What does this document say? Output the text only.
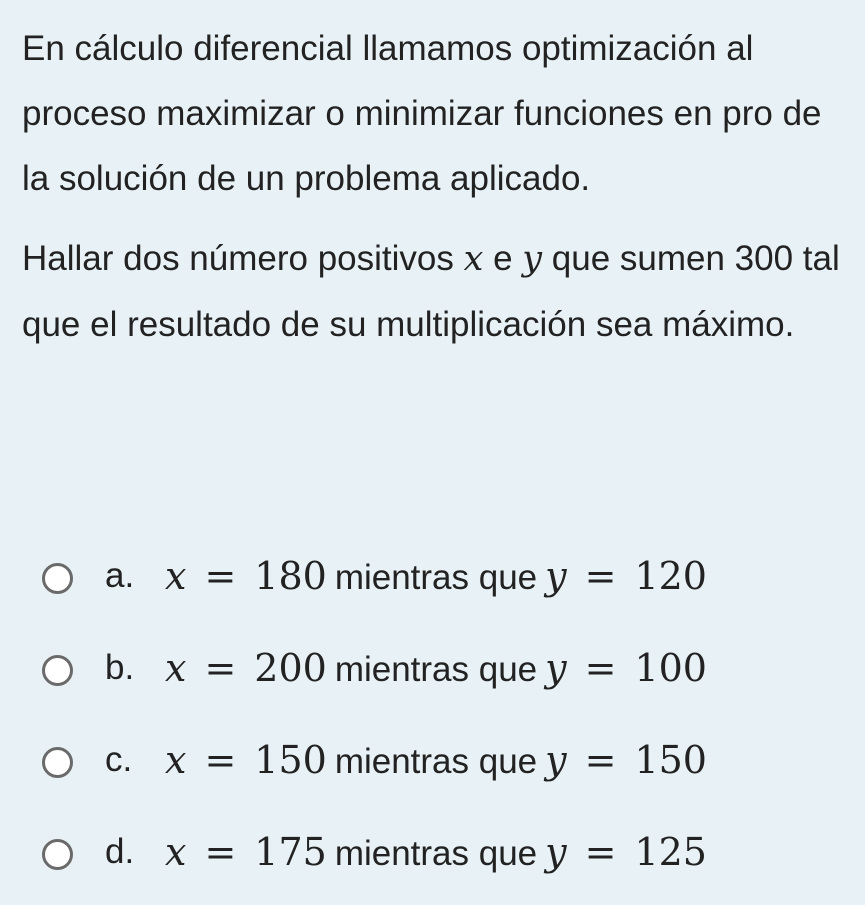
En cálculo diferencial llamamos optimización al proceso maximizar o minimizar funciones en pro de la solución de un problema aplicado.

Hallar dos número positivos x e y que sumen 300 tal que el resultado de su multiplicación sea máximo.

a. x = 180 mientras que y = 120
b. x = 200 mientras que y = 100
c. x = 150 mientras que y = 150
d. x = 175 mientras que y = 125
